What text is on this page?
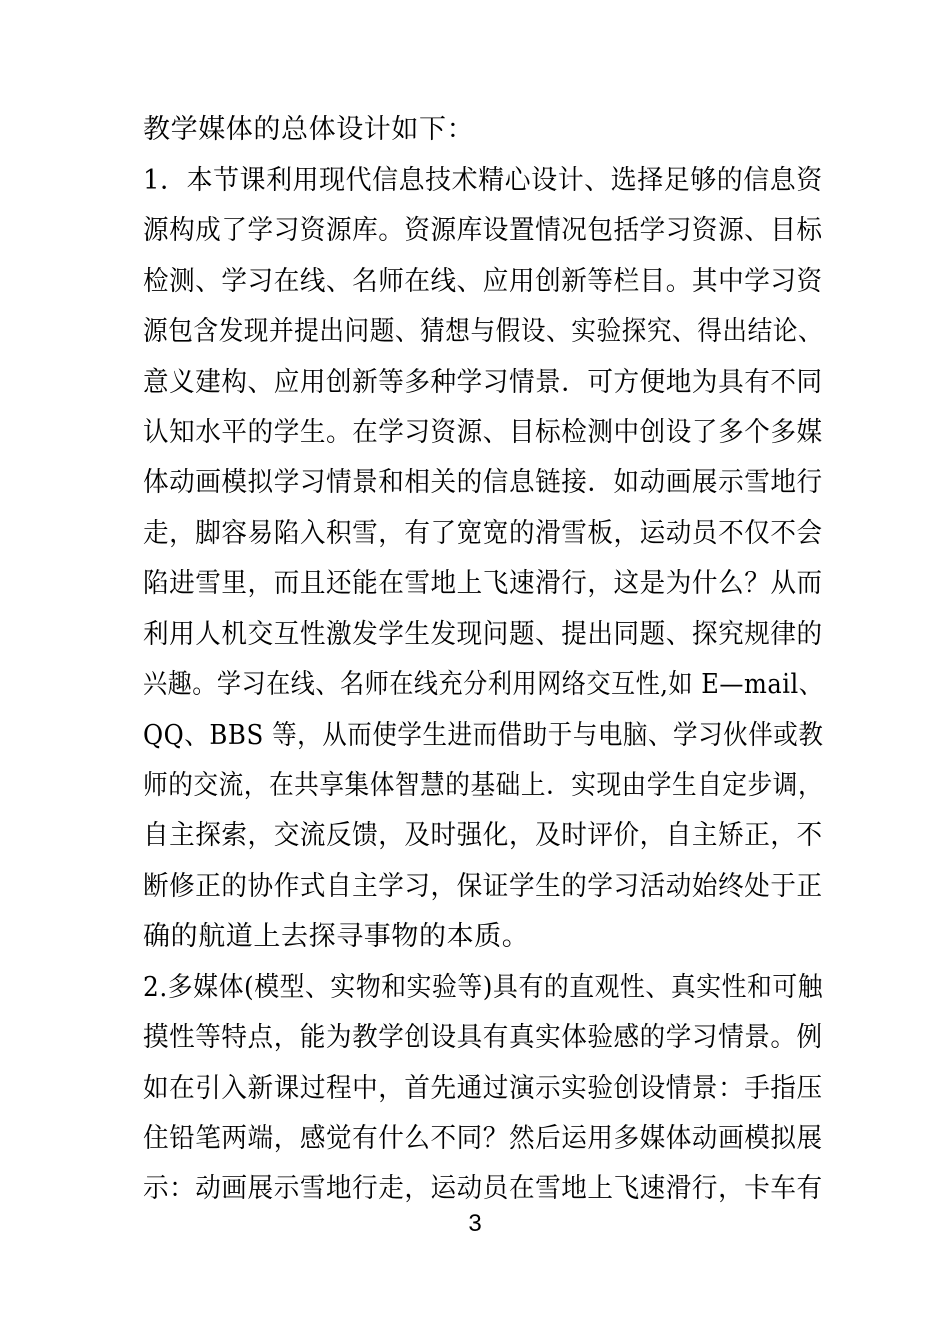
教学媒体的总体设计如下：
1．本节课利用现代信息技术精心设计、选择足够的信息资
源构成了学习资源库。资源库设置情况包括学习资源、目标
检测、学习在线、名师在线、应用创新等栏目。其中学习资
源包含发现并提出问题、猜想与假设、实验探究、得出结论、
意义建构、应用创新等多种学习情景．可方便地为具有不同
认知水平的学生。在学习资源、目标检测中创设了多个多媒
体动画模拟学习情景和相关的信息链接．如动画展示雪地行
走，脚容易陷入积雪，有了宽宽的滑雪板，运动员不仅不会
陷进雪里，而且还能在雪地上飞速滑行，这是为什么？从而
利用人机交互性激发学生发现问题、提出同题、探究规律的
兴趣。学习在线、名师在线充分利用网络交互性,如 E—mail、
QQ、BBS 等，从而使学生进而借助于与电脑、学习伙伴或教
师的交流，在共享集体智慧的基础上．实现由学生自定步调，
自主探索，交流反馈，及时强化，及时评价，自主矫正，不
断修正的协作式自主学习，保证学生的学习活动始终处于正
确的航道上去探寻事物的本质。
2.多媒体(模型、实物和实验等)具有的直观性、真实性和可触
摸性等特点，能为教学创设具有真实体验感的学习情景。例
如在引入新课过程中，首先通过演示实验创设情景：手指压
住铅笔两端，感觉有什么不同？然后运用多媒体动画模拟展
示：动画展示雪地行走，运动员在雪地上飞速滑行，卡车有
3
